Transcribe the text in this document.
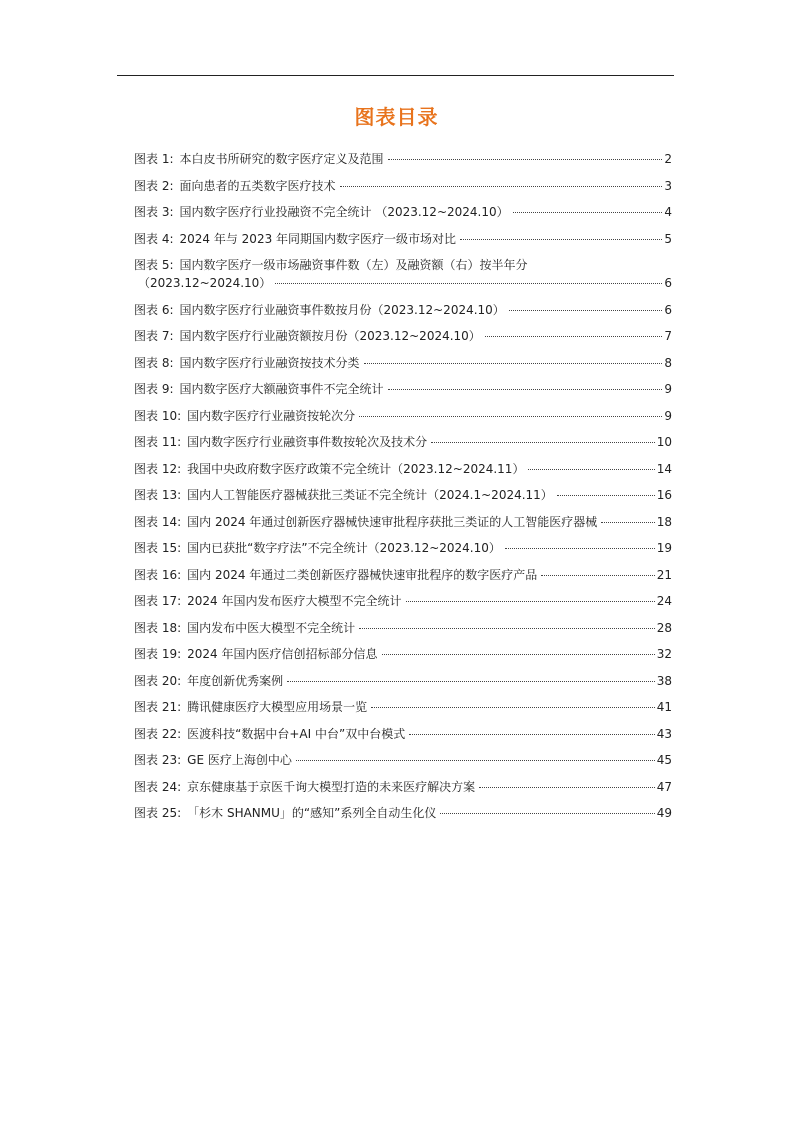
图表目录
图表 1: 本白皮书所研究的数字医疗定义及范围	2
图表 2: 面向患者的五类数字医疗技术	3
图表 3: 国内数字医疗行业投融资不完全统计 （2023.12~2024.10）	4
图表 4: 2024 年与 2023 年同期国内数字医疗一级市场对比	5
图表 5: 国内数字医疗一级市场融资事件数（左）及融资额（右）按半年分
（2023.12~2024.10）	6
图表 6: 国内数字医疗行业融资事件数按月份（2023.12~2024.10）	6
图表 7: 国内数字医疗行业融资额按月份（2023.12~2024.10）	7
图表 8: 国内数字医疗行业融资按技术分类	8
图表 9: 国内数字医疗大额融资事件不完全统计	9
图表 10: 国内数字医疗行业融资按轮次分	9
图表 11: 国内数字医疗行业融资事件数按轮次及技术分	10
图表 12: 我国中央政府数字医疗政策不完全统计（2023.12~2024.11）	14
图表 13: 国内人工智能医疗器械获批三类证不完全统计（2024.1~2024.11）	16
图表 14: 国内 2024 年通过创新医疗器械快速审批程序获批三类证的人工智能医疗器械	18
图表 15: 国内已获批“数字疗法”不完全统计（2023.12~2024.10）	19
图表 16: 国内 2024 年通过二类创新医疗器械快速审批程序的数字医疗产品	21
图表 17: 2024 年国内发布医疗大模型不完全统计	24
图表 18: 国内发布中医大模型不完全统计	28
图表 19: 2024 年国内医疗信创招标部分信息	32
图表 20: 年度创新优秀案例	38
图表 21: 腾讯健康医疗大模型应用场景一览	41
图表 22: 医渡科技“数据中台+AI 中台”双中台模式	43
图表 23: GE 医疗上海创中心	45
图表 24: 京东健康基于京医千询大模型打造的未来医疗解决方案	47
图表 25: 「杉木 SHANMU」的“感知”系列全自动生化仪	49
